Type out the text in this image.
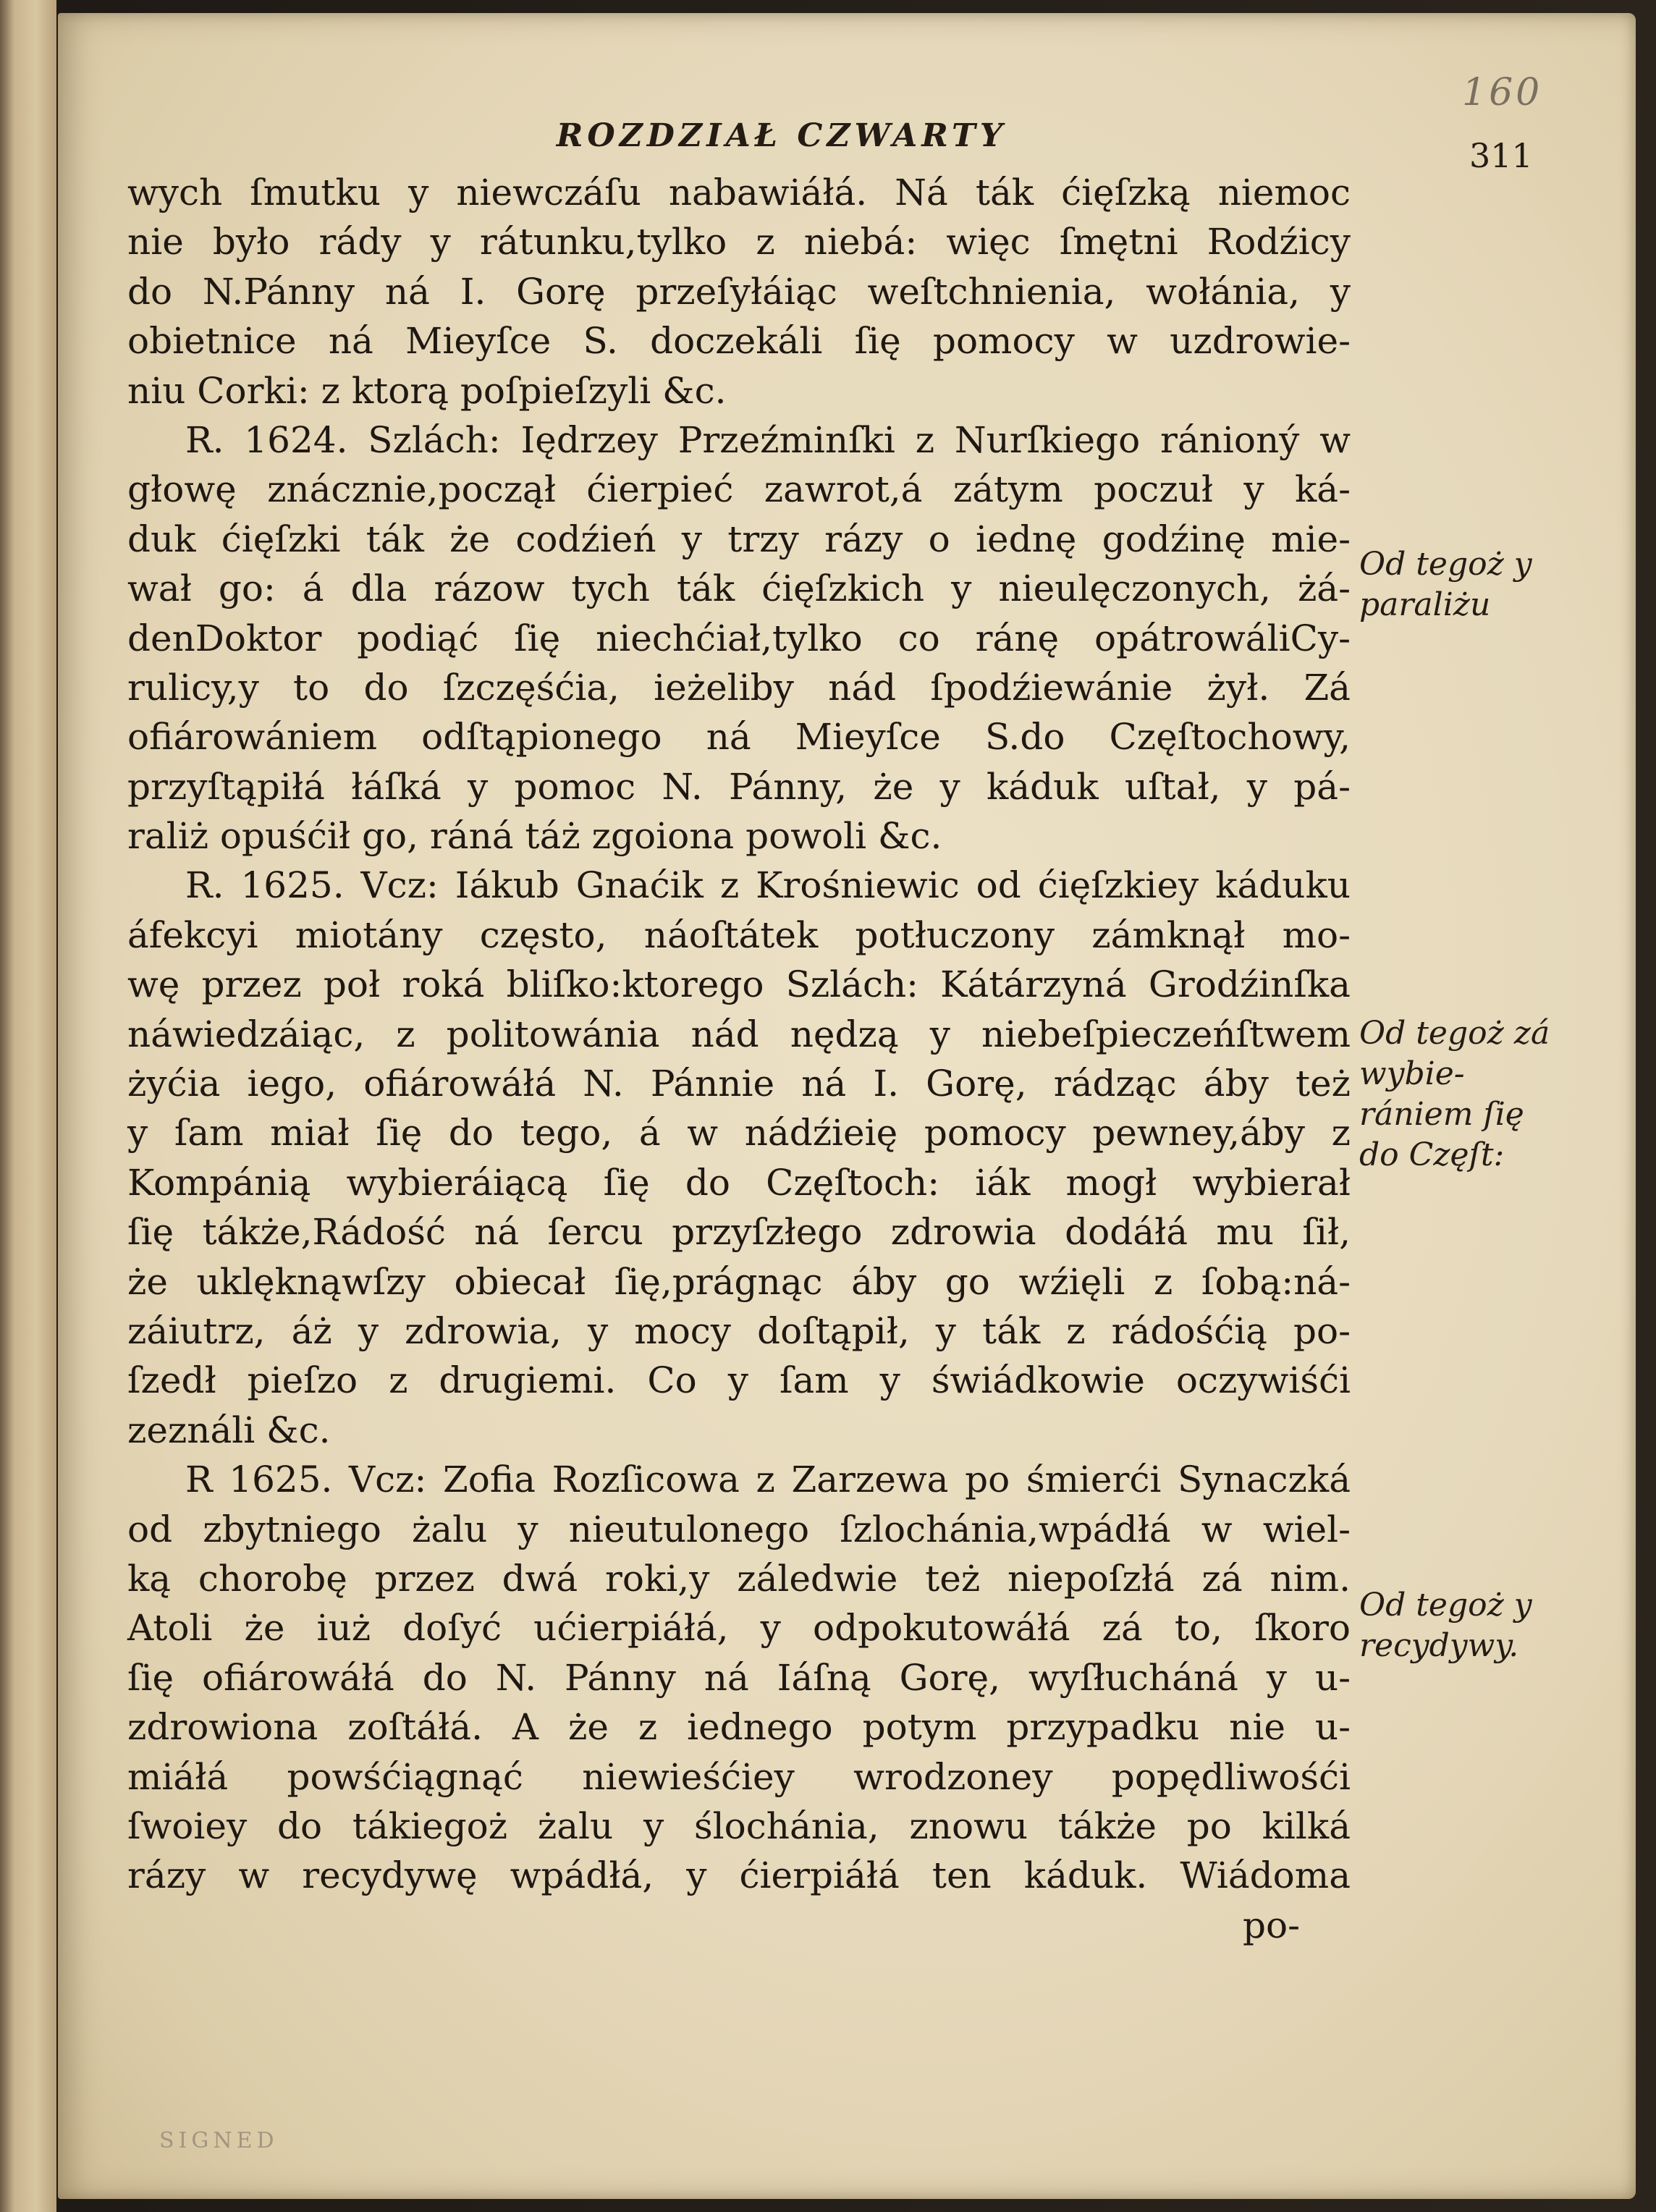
160
ROZDZIAŁ CZWARTY
311
wych ſmutku y niewczáſu nabawiáłá. Ná ták ćięſzką niemoc
nie było rády y rátunku,tylko z niebá: więc ſmętni Rodźicy
do N.Pánny ná I. Gorę przeſyłáiąc weſtchnienia, wołánia, y
obietnice ná Mieyſce S. doczekáli ſię pomocy w uzdrowie-
niu Corki: z ktorą poſpieſzyli &c.
R. 1624. Szlách: Iędrzey Przeźminſki z Nurſkiego ránioný w
głowę znácznie,począł ćierpieć zawrot,á zátym poczuł y ká-
duk ćięſzki ták że codźień y trzy rázy o iednę godźinę mie-
wał go: á dla rázow tych ták ćięſzkich y nieulęczonych, żá-
denDoktor podiąć ſię niechćiał,tylko co ránę opátrowáliCy-
rulicy,y to do ſzczęśćia, ieżeliby nád ſpodźiewánie żył. Zá
ofiárowániem odſtąpionego ná Mieyſce S.do Częſtochowy,
przyſtąpiłá łáſká y pomoc N. Pánny, że y káduk uſtał, y pá-
raliż opuśćił go, ráná táż zgoiona powoli &c.
R. 1625. Vcz: Iákub Gnaćik z Krośniewic od ćięſzkiey káduku
áfekcyi miotány często, náoſtátek potłuczony zámknął mo-
wę przez poł roká bliſko:ktorego Szlách: Kátárzyná Grodźinſka
náwiedzáiąc, z politowánia nád nędzą y niebeſpieczeńſtwem
żyćia iego, ofiárowáłá N. Pánnie ná I. Gorę, rádząc áby też
y ſam miał ſię do tego, á w nádźieię pomocy pewney,áby z
Kompánią wybieráiącą ſię do Częſtoch: iák mogł wybierał
ſię tákże,Rádość ná ſercu przyſzłego zdrowia dodáłá mu ſił,
że uklęknąwſzy obiecał ſię,prágnąc áby go wźięli z ſobą:ná-
záiutrz, áż y zdrowia, y mocy doſtąpił, y ták z rádośćią po-
ſzedł pieſzo z drugiemi. Co y ſam y świádkowie oczywiśći
zeználi &c.
R 1625. Vcz: Zofia Rozſicowa z Zarzewa po śmierći Synaczká
od zbytniego żalu y nieutulonego ſzlochánia,wpádłá w wiel-
ką chorobę przez dwá roki,y záledwie też niepoſzłá zá nim.
Atoli że iuż doſyć ućierpiáłá, y odpokutowáłá zá to, ſkoro
ſię ofiárowáłá do N. Pánny ná Iáſną Gorę, wyſłucháná y u-
zdrowiona zoſtáłá. A że z iednego potym przypadku nie u-
miáłá powśćiągnąć niewieśćiey wrodzoney popędliwośći
ſwoiey do tákiegoż żalu y ślochánia, znowu tákże po kilká
rázy w recydywę wpádłá, y ćierpiáłá ten káduk. Wiádoma
po-
Od tegoż y paraliżu
Od tegoż zá wybie- rániem ſię do Częſt:
Od tegoż y recydywy.
SIGNED
